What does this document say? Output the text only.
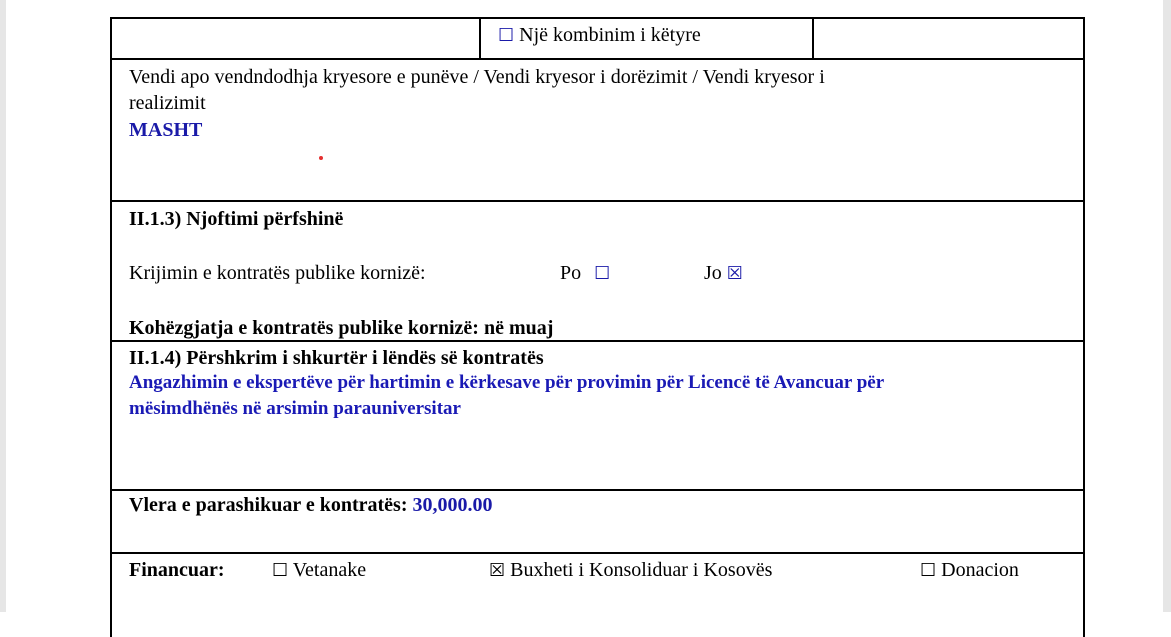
☐ Një kombinim i këtyre
Vendi apo vendndodhja kryesore e punëve / Vendi kryesor i dorëzimit / Vendi kryesor i
realizimit
MASHT
II.1.3) Njoftimi përfshinë
Krijimin e kontratës publike kornizë:	Po ☐	Jo ☒
Kohëzgjatja e kontratës publike kornizë: në muaj
II.1.4) Përshkrim i shkurtër i lëndës së kontratës
Angazhimin e ekspertëve për hartimin e kërkesave për provimin për Licencë të Avancuar për
mësimdhënës në arsimin parauniversitar
Vlera e parashikuar e kontratës: 30,000.00
Financuar:	☐ Vetanake	☒ Buxheti i Konsoliduar i Kosovës	☐ Donacion
